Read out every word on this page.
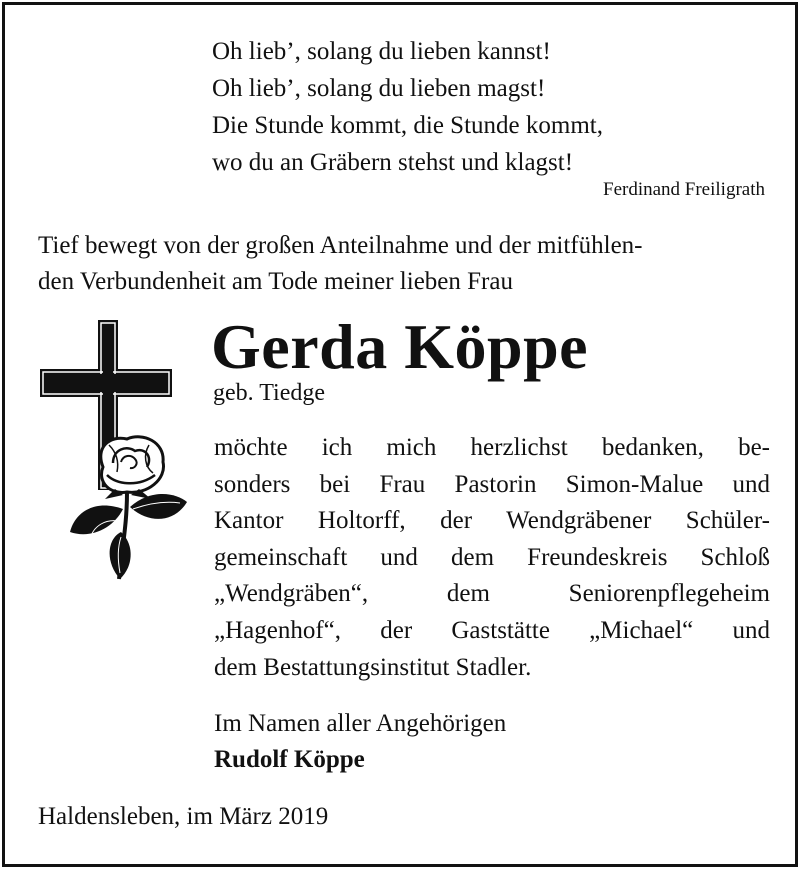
Oh lieb’, solang du lieben kannst!
Oh lieb’, solang du lieben magst!
Die Stunde kommt, die Stunde kommt,
wo du an Gräbern stehst und klagst!
Ferdinand Freiligrath
Tief bewegt von der großen Anteilnahme und der mitfühlen-
den Verbundenheit am Tode meiner lieben Frau
Gerda Köppe
geb. Tiedge
möchte ich mich herzlichst bedanken, be-
sonders bei Frau Pastorin Simon-Malue und
Kantor Holtorff, der Wendgräbener Schüler-
gemeinschaft und dem Freundeskreis Schloß
„Wendgräben“, dem Seniorenpflegeheim
„Hagenhof“, der Gaststätte „Michael“ und
dem Bestattungsinstitut Stadler.
Im Namen aller Angehörigen
Rudolf Köppe
Haldensleben, im März 2019
